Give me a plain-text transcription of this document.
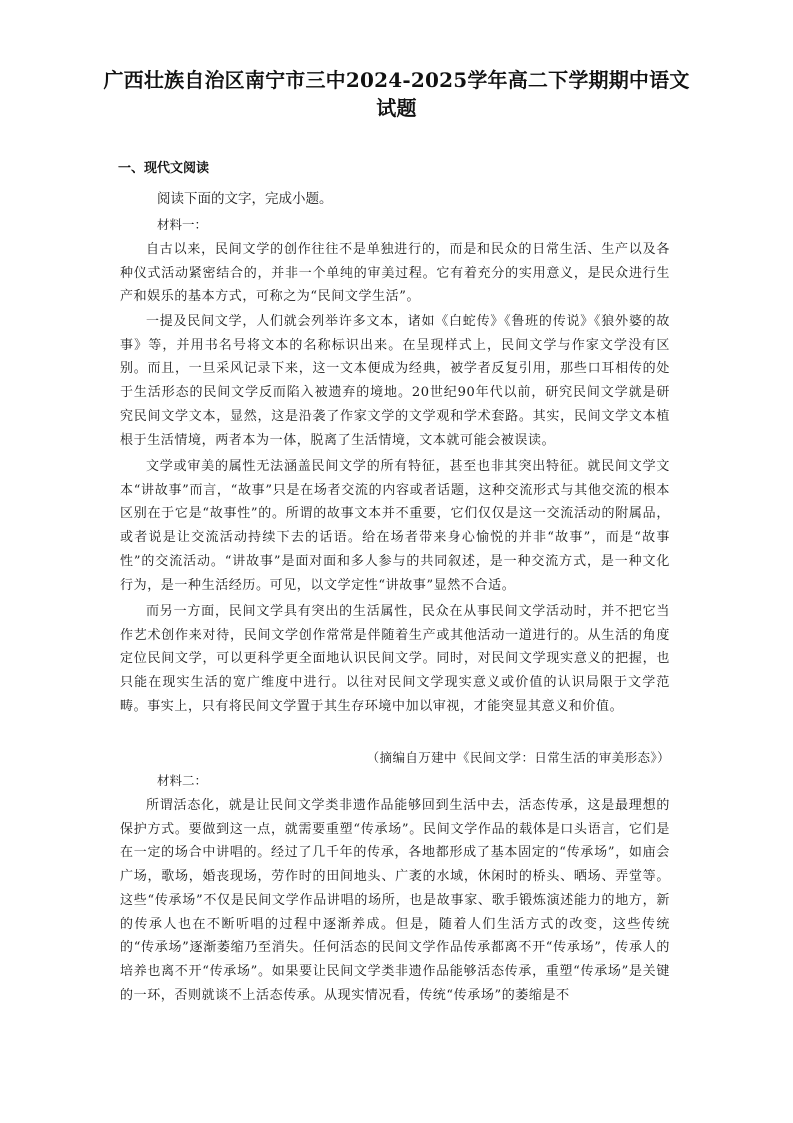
广西壮族自治区南宁市三中2024-2025学年高二下学期期中语文试题
一、现代文阅读
阅读下面的文字，完成小题。
材料一：

自古以来，民间文学的创作往往不是单独进行的，而是和民众的日常生活、生产以及各种仪式活动紧密结合的，并非一个单纯的审美过程。它有着充分的实用意义，是民众进行生产和娱乐的基本方式，可称之为“民间文学生活”。

一提及民间文学，人们就会列举许多文本，诸如《白蛇传》《鲁班的传说》《狼外婆的故事》等，并用书名号将文本的名称标识出来。在呈现样式上，民间文学与作家文学没有区别。而且，一旦采风记录下来，这一文本便成为经典，被学者反复引用，那些口耳相传的处于生活形态的民间文学反而陷入被遗弃的境地。20世纪90年代以前，研究民间文学就是研究民间文学文本，显然，这是沿袭了作家文学的文学观和学术套路。其实，民间文学文本植根于生活情境，两者本为一体，脱离了生活情境，文本就可能会被误读。

文学或审美的属性无法涵盖民间文学的所有特征，甚至也非其突出特征。就民间文学文本“讲故事”而言，“故事”只是在场者交流的内容或者话题，这种交流形式与其他交流的根本区别在于它是“故事性”的。所谓的故事文本并不重要，它们仅仅是这一交流活动的附属品，或者说是让交流活动持续下去的话语。给在场者带来身心愉悦的并非“故事”，而是“故事性”的交流活动。“讲故事”是面对面和多人参与的共同叙述，是一种交流方式，是一种文化行为，是一种生活经历。可见，以文学定性“讲故事”显然不合适。

而另一方面，民间文学具有突出的生活属性，民众在从事民间文学活动时，并不把它当作艺术创作来对待，民间文学创作常常是伴随着生产或其他活动一道进行的。从生活的角度定位民间文学，可以更科学更全面地认识民间文学。同时，对民间文学现实意义的把握，也只能在现实生活的宽广维度中进行。以往对民间文学现实意义或价值的认识局限于文学范畴。事实上，只有将民间文学置于其生存环境中加以审视，才能突显其意义和价值。

（摘编自万建中《民间文学：日常生活的审美形态》）
材料二：

所谓活态化，就是让民间文学类非遗作品能够回到生活中去，活态传承，这是最理想的保护方式。要做到这一点，就需要重塑“传承场”。民间文学作品的载体是口头语言，它们是在一定的场合中讲唱的。经过了几千年的传承，各地都形成了基本固定的“传承场”，如庙会广场，歌场，婚丧现场，劳作时的田间地头、广袤的水域，休闲时的桥头、晒场、弄堂等。这些“传承场”不仅是民间文学作品讲唱的场所，也是故事家、歌手锻炼演述能力的地方，新的传承人也在不断听唱的过程中逐渐养成。但是，随着人们生活方式的改变，这些传统的“传承场”逐渐萎缩乃至消失。任何活态的民间文学作品传承都离不开“传承场”，传承人的培养也离不开“传承场”。如果要让民间文学类非遗作品能够活态传承，重塑“传承场”是关键的一环，否则就谈不上活态传承。从现实情况看，传统“传承场”的萎缩是不
